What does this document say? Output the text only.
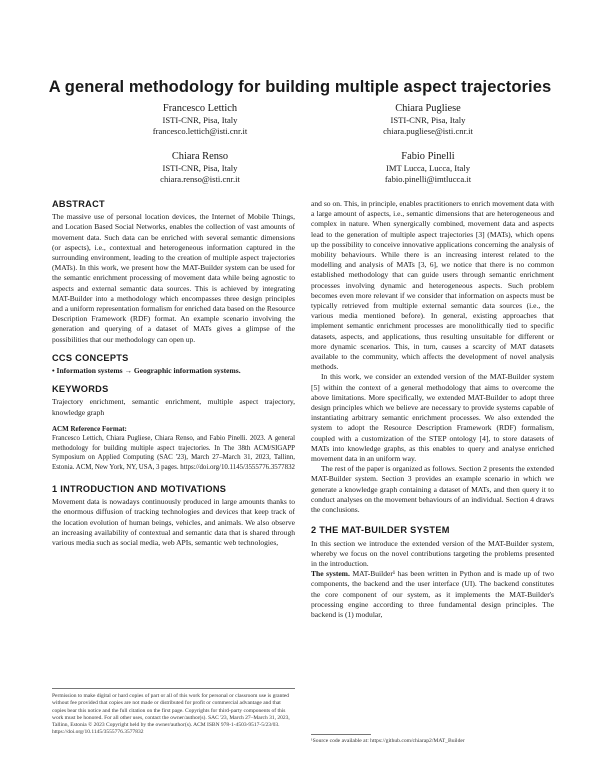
A general methodology for building multiple aspect trajectories
Francesco Lettich
ISTI-CNR, Pisa, Italy
francesco.lettich@isti.cnr.it
Chiara Pugliese
ISTI-CNR, Pisa, Italy
chiara.pugliese@isti.cnr.it
Chiara Renso
ISTI-CNR, Pisa, Italy
chiara.renso@isti.cnr.it
Fabio Pinelli
IMT Lucca, Lucca, Italy
fabio.pinelli@imtlucca.it
ABSTRACT

The massive use of personal location devices, the Internet of Mobile Things, and Location Based Social Networks, enables the collection of vast amounts of movement data. Such data can be enriched with several semantic dimensions (or aspects), i.e., contextual and heterogeneous information captured in the surrounding environment, leading to the creation of multiple aspect trajectories (MATs). In this work, we present how the MAT-Builder system can be used for the semantic enrichment processing of movement data while being agnostic to aspects and external semantic data sources. This is achieved by integrating MAT-Builder into a methodology which encompasses three design principles and a uniform representation formalism for enriched data based on the Resource Description Framework (RDF) format. An example scenario involving the generation and querying of a dataset of MATs gives a glimpse of the possibilities that our methodology can open up.

CCS CONCEPTS

• Information systems → Geographic information systems.

KEYWORDS

Trajectory enrichment, semantic enrichment, multiple aspect trajectory, knowledge graph

ACM Reference Format:

Francesco Lettich, Chiara Pugliese, Chiara Renso, and Fabio Pinelli. 2023. A general methodology for building multiple aspect trajectories. In The 38th ACM/SIGAPP Symposium on Applied Computing (SAC '23), March 27–March 31, 2023, Tallinn, Estonia. ACM, New York, NY, USA, 3 pages. https://doi.org/10.1145/3555776.3577832

1 INTRODUCTION AND MOTIVATIONS

Movement data is nowadays continuously produced in large amounts thanks to the enormous diffusion of tracking technologies and devices that keep track of the location evolution of human beings, vehicles, and animals. We also observe an increasing availability of contextual and semantic data that is shared through various media such as social media, web APIs, semantic web technologies,

Permission to make digital or hard copies of part or all of this work for personal or classroom use is granted without fee provided that copies are not made or distributed for profit or commercial advantage and that copies bear this notice and the full citation on the first page. Copyrights for third-party components of this work must be honored. For all other uses, contact the owner/author(s). SAC '23, March 27–March 31, 2023, Tallinn, Estonia © 2023 Copyright held by the owner/author(s). ACM ISBN 978-1-4503-9517-5/23/03. https://doi.org/10.1145/3555776.3577832

and so on. This, in principle, enables practitioners to enrich movement data with a large amount of aspects, i.e., semantic dimensions that are heterogeneous and complex in nature. When synergically combined, movement data and aspects lead to the generation of multiple aspect trajectories [3] (MATs), which opens up the possibility to conceive innovative applications concerning the analysis of mobility behaviours. While there is an increasing interest related to the modelling and analysis of MATs [3, 6], we notice that there is no common established methodology that can guide users through semantic enrichment processes involving dynamic and heterogeneous aspects. Such problem becomes even more relevant if we consider that information on aspects must be typically retrieved from multiple external semantic data sources (i.e., the various media mentioned before). In general, existing approaches that implement semantic enrichment processes are monolithically tied to specific datasets, aspects, and applications, thus resulting unsuitable for different or more dynamic scenarios. This, in turn, causes a scarcity of MAT datasets available to the community, which affects the development of novel analysis methods.

In this work, we consider an extended version of the MAT-Builder system [5] within the context of a general methodology that aims to overcome the above limitations. More specifically, we extended MAT-Builder to adopt three design principles which we believe are necessary to provide systems capable of instantiating arbitrary semantic enrichment processes. We also extended the system to adopt the Resource Description Framework (RDF) formalism, coupled with a customization of the STEP ontology [4], to store datasets of MATs into knowledge graphs, as this enables to query and analyse enriched movement data in an uniform way.

The rest of the paper is organized as follows. Section 2 presents the extended MAT-Builder system. Section 3 provides an example scenario in which we generate a knowledge graph containing a dataset of MATs, and then query it to conduct analyses on the movement behaviours of an individual. Section 4 draws the conclusions.

2 THE MAT-BUILDER SYSTEM

In this section we introduce the extended version of the MAT-Builder system, whereby we focus on the novel contributions targeting the problems presented in the introduction.

The system. MAT-Builder¹ has been written in Python and is made up of two components, the backend and the user interface (UI). The backend constitutes the core component of our system, as it implements the MAT-Builder's processing engine according to three fundamental design principles. The backend is (1) modular,

¹Source code available at: https://github.com/chiarap2/MAT_Builder
